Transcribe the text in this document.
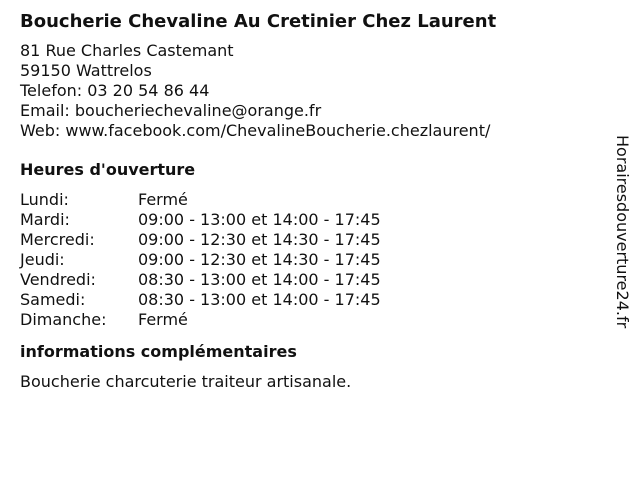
Boucherie Chevaline Au Cretinier Chez Laurent
81 Rue Charles Castemant
59150 Wattrelos
Telefon: 03 20 54 86 44
Email: boucheriechevaline@orange.fr
Web: www.facebook.com/ChevalineBoucherie.chezlaurent/
Heures d'ouverture
Lundi:	Fermé
Mardi:	09:00 - 13:00 et 14:00 - 17:45
Mercredi:	09:00 - 12:30 et 14:30 - 17:45
Jeudi:	09:00 - 12:30 et 14:30 - 17:45
Vendredi:	08:30 - 13:00 et 14:00 - 17:45
Samedi:	08:30 - 13:00 et 14:00 - 17:45
Dimanche: Fermé
informations complémentaires
Boucherie charcuterie traiteur artisanale.
Horairesdouverture24.fr
